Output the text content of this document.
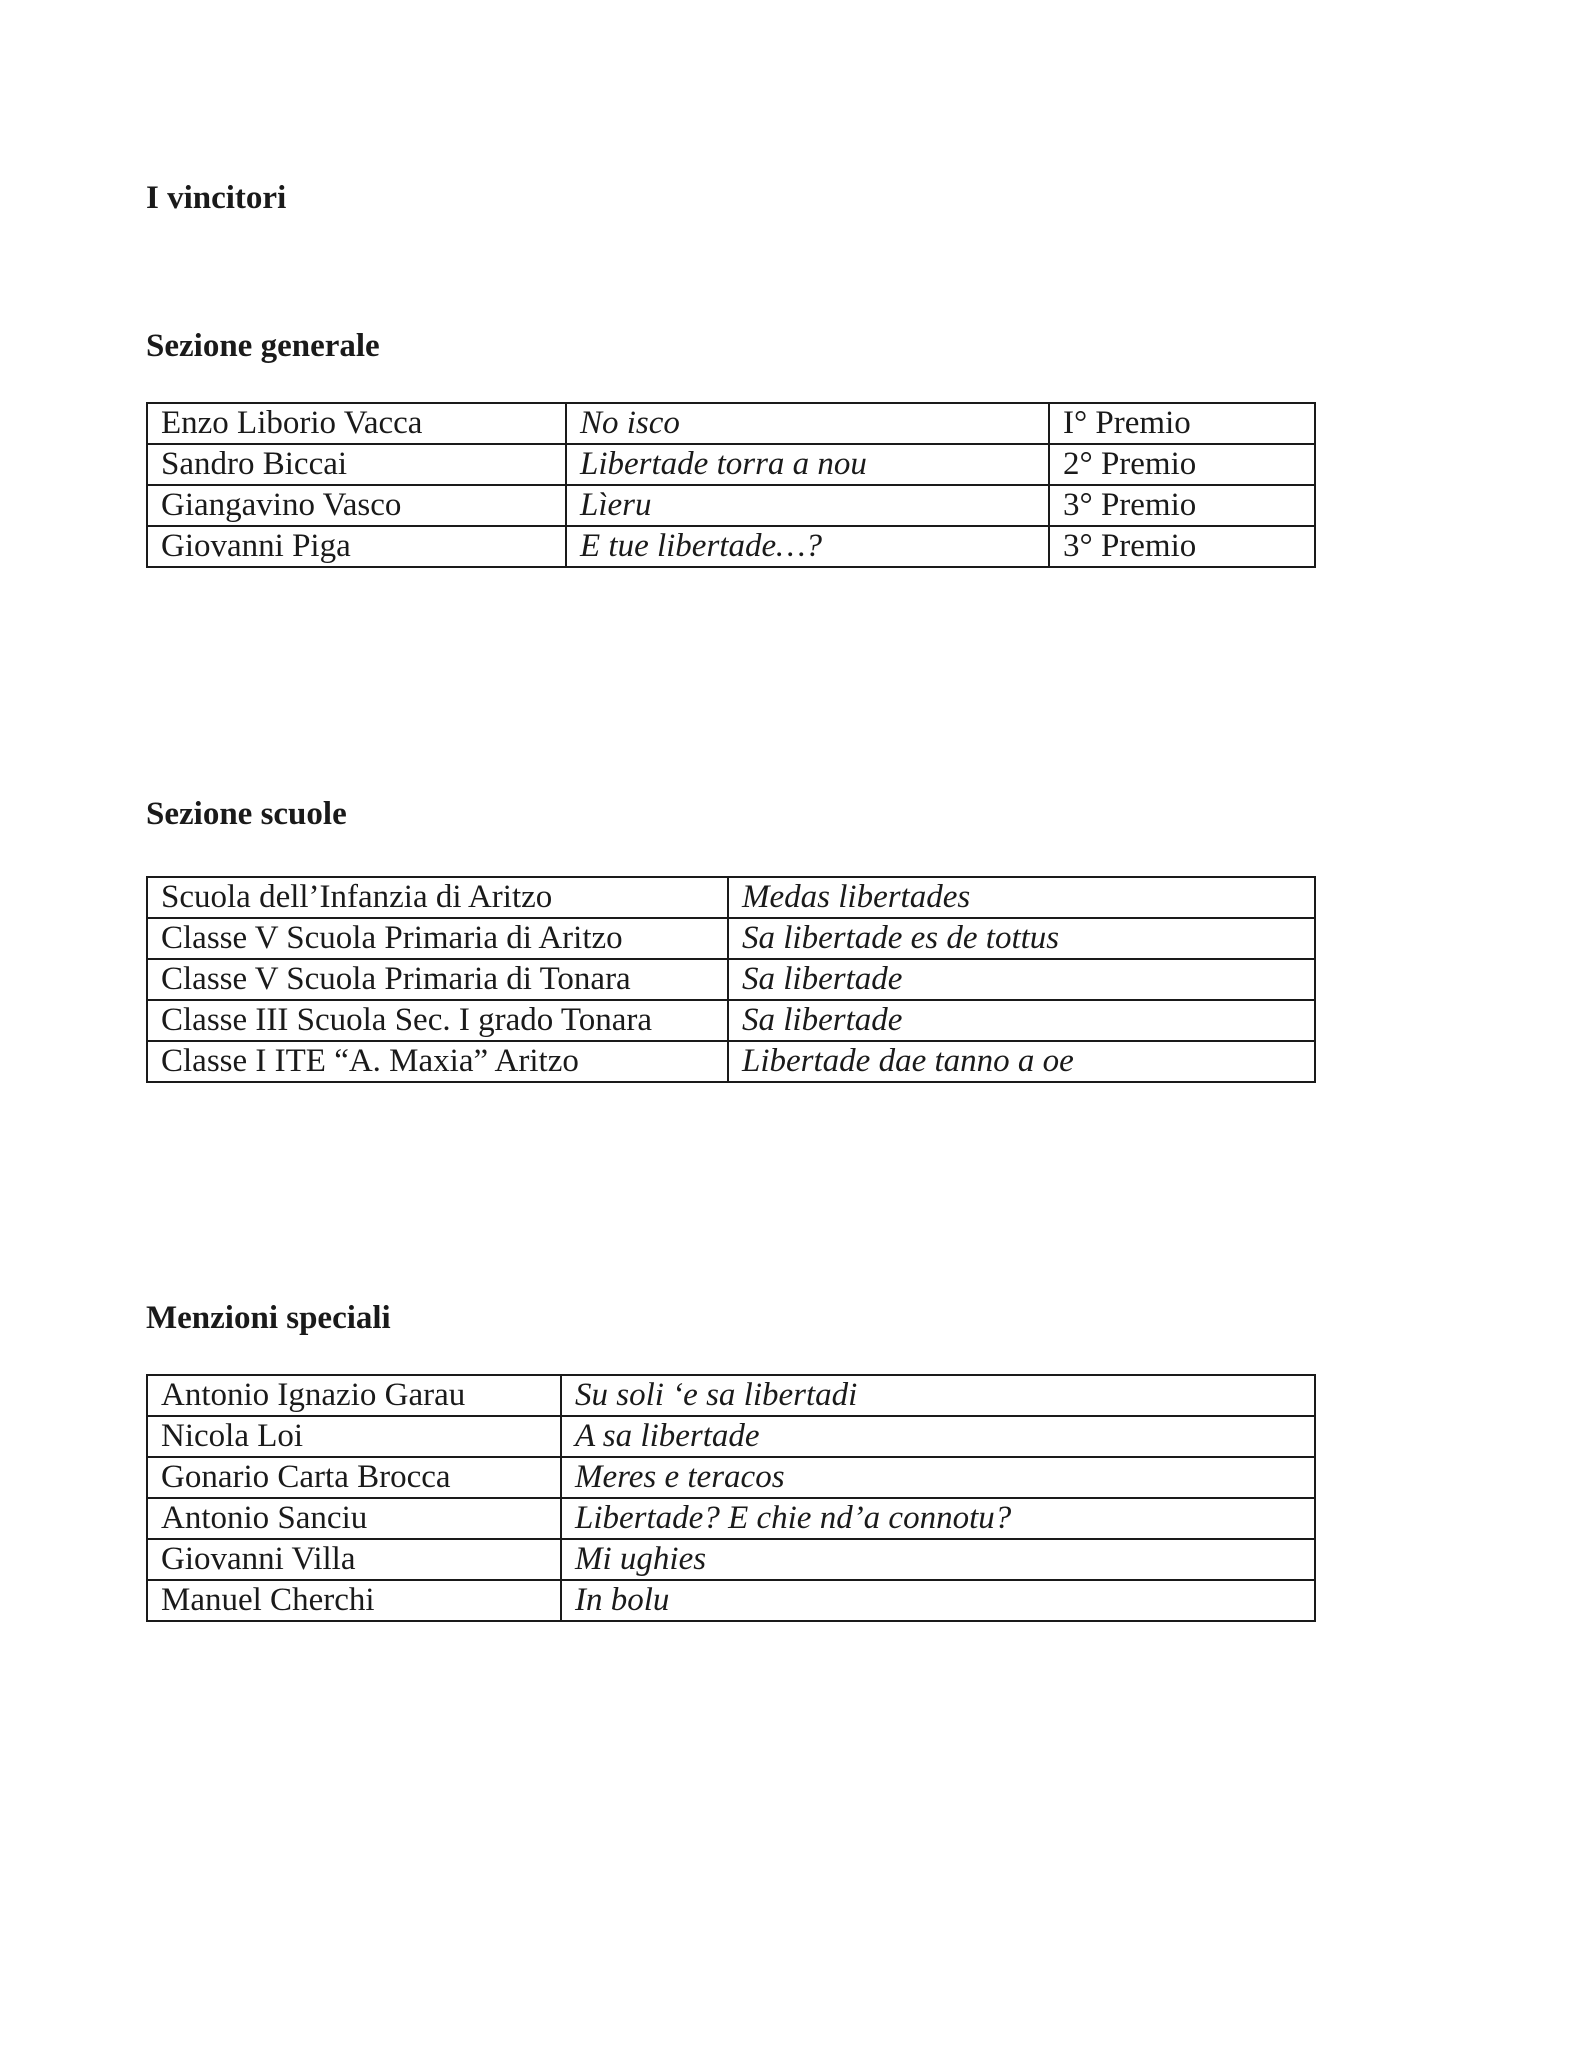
I vincitori
Sezione generale
Enzo Liborio Vacca	No isco	I° Premio
Sandro Biccai	Libertade torra a nou	2° Premio
Giangavino Vasco	Lìeru	3° Premio
Giovanni Piga	E tue libertade…?	3° Premio
Sezione scuole
Scuola dell’Infanzia di Aritzo	Medas libertades
Classe V Scuola Primaria di Aritzo	Sa libertade es de tottus
Classe V Scuola Primaria di Tonara	Sa libertade
Classe III Scuola Sec. I grado Tonara	Sa libertade
Classe I ITE “A. Maxia” Aritzo	Libertade dae tanno a oe
Menzioni speciali
Antonio Ignazio Garau	Su soli ‘e sa libertadi
Nicola Loi	A sa libertade
Gonario Carta Brocca	Meres e teracos
Antonio Sanciu	Libertade? E chie nd’a connotu?
Giovanni Villa	Mi ughies
Manuel Cherchi	In bolu
